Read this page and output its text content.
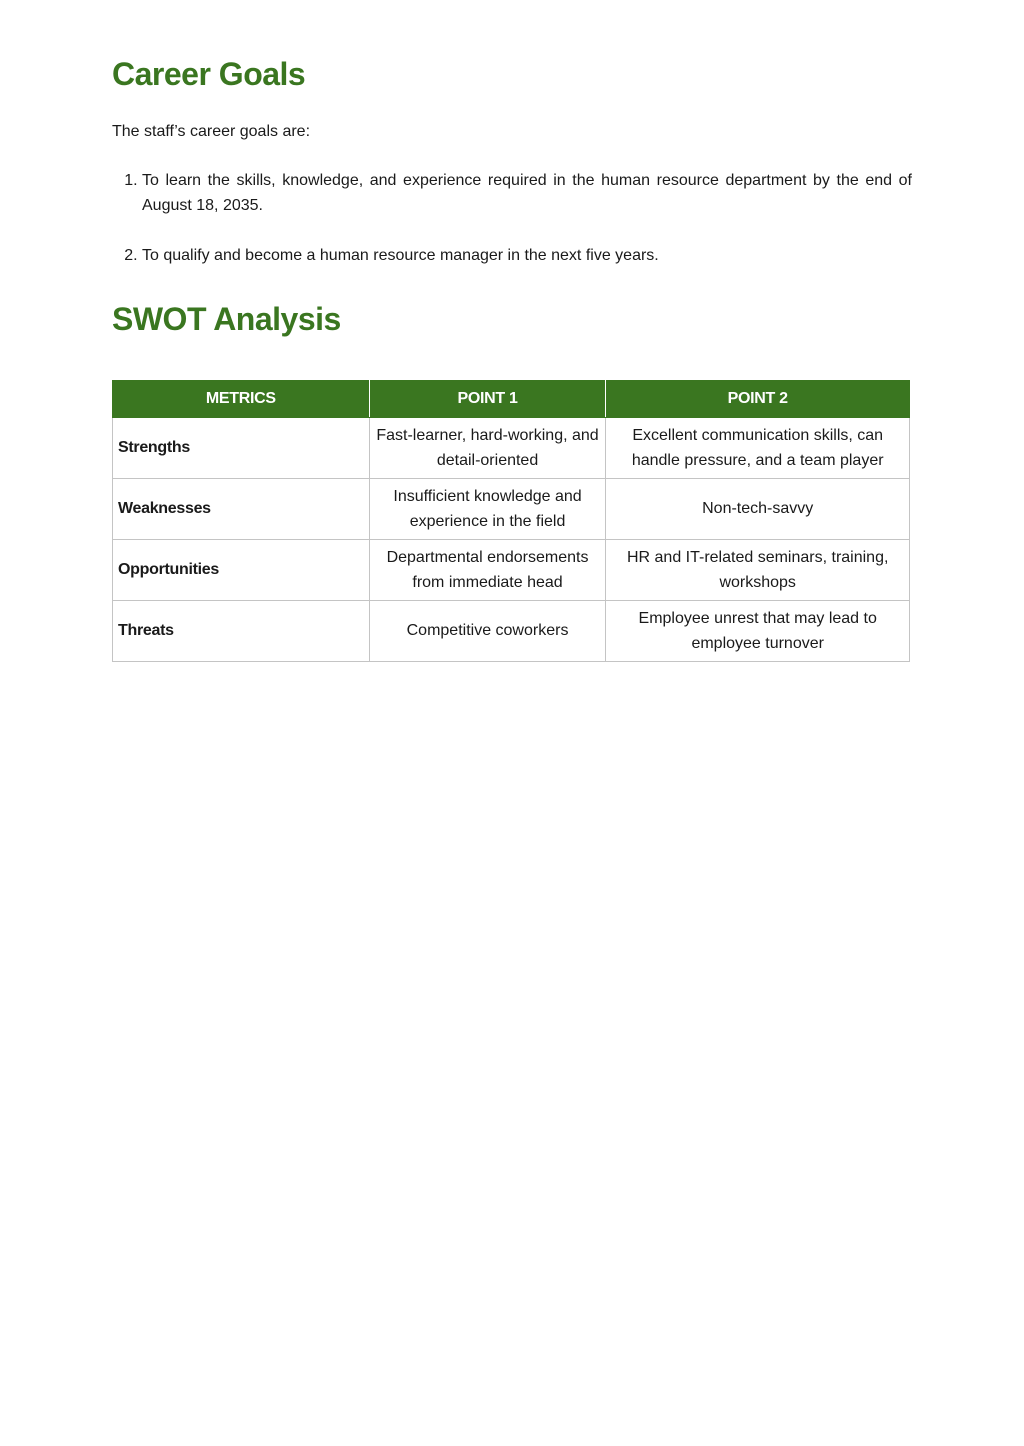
Career Goals

The staff’s career goals are:

1. To learn the skills, knowledge, and experience required in the human resource department by the end of August 18, 2035.
2. To qualify and become a human resource manager in the next five years.
SWOT Analysis
METRICS	POINT 1	POINT 2
Strengths	Fast-learner, hard-working, and detail-oriented	Excellent communication skills, can handle pressure, and a team player
Weaknesses	Insufficient knowledge and experience in the field	Non-tech-savvy
Opportunities	Departmental endorsements from immediate head	HR and IT-related seminars, training, workshops
Threats	Competitive coworkers	Employee unrest that may lead to employee turnover
